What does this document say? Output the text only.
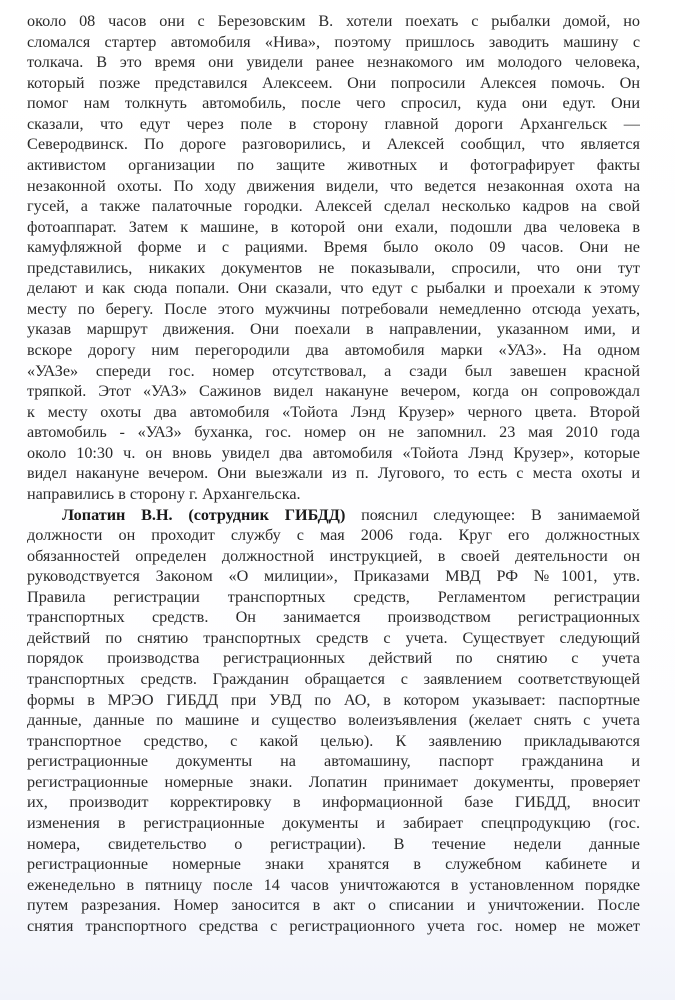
около 08 часов они с Березовским В. хотели поехать с рыбалки домой, но
сломался стартер автомобиля «Нива», поэтому пришлось заводить машину с
толкача. В это время они увидели ранее незнакомого им молодого человека,
который позже представился Алексеем. Они попросили Алексея помочь. Он
помог нам толкнуть автомобиль, после чего спросил, куда они едут. Они
сказали, что едут через поле в сторону главной дороги Архангельск —
Северодвинск. По дороге разговорились, и Алексей сообщил, что является
активистом организации по защите животных и фотографирует факты
незаконной охоты. По ходу движения видели, что ведется незаконная охота на
гусей, а также палаточные городки. Алексей сделал несколько кадров на свой
фотоаппарат. Затем к машине, в которой они ехали, подошли два человека в
камуфляжной форме и с рациями. Время было около 09 часов. Они не
представились, никаких документов не показывали, спросили, что они тут
делают и как сюда попали. Они сказали, что едут с рыбалки и проехали к этому
месту по берегу. После этого мужчины потребовали немедленно отсюда уехать,
указав маршрут движения. Они поехали в направлении, указанном ими, и
вскоре дорогу ним перегородили два автомобиля марки «УАЗ». На одном
«УАЗе» спереди гос. номер отсутствовал, а сзади был завешен красной
тряпкой. Этот «УАЗ» Сажинов видел накануне вечером, когда он сопровождал
к месту охоты два автомобиля «Тойота Лэнд Крузер» черного цвета. Второй
автомобиль - «УАЗ» буханка, гос. номер он не запомнил. 23 мая 2010 года
около 10:30 ч. он вновь увидел два автомобиля «Тойота Лэнд Крузер», которые
видел накануне вечером. Они выезжали из п. Лугового, то есть с места охоты и
направились в сторону г. Архангельска.
Лопатин В.Н. (сотрудник ГИБДД) пояснил следующее: В занимаемой
должности он проходит службу с мая 2006 года. Круг его должностных
обязанностей определен должностной инструкцией, в своей деятельности он
руководствуется Законом «О милиции», Приказами МВД РФ №1001, утв.
Правила регистрации транспортных средств, Регламентом регистрации
транспортных средств. Он занимается производством регистрационных
действий по снятию транспортных средств с учета. Существует следующий
порядок производства регистрационных действий по снятию с учета
транспортных средств. Гражданин обращается с заявлением соответствующей
формы в МРЭО ГИБДД при УВД по АО, в котором указывает: паспортные
данные, данные по машине и существо волеизъявления (желает снять с учета
транспортное средство, с какой целью). К заявлению прикладываются
регистрационные документы на автомашину, паспорт гражданина и
регистрационные номерные знаки. Лопатин принимает документы, проверяет
их, производит корректировку в информационной базе ГИБДД, вносит
изменения в регистрационные документы и забирает спецпродукцию (гос.
номера, свидетельство о регистрации). В течение недели данные
регистрационные номерные знаки хранятся в служебном кабинете и
еженедельно в пятницу после 14 часов уничтожаются в установленном порядке
путем разрезания. Номер заносится в акт о списании и уничтожении. После
снятия транспортного средства с регистрационного учета гос. номер не может
